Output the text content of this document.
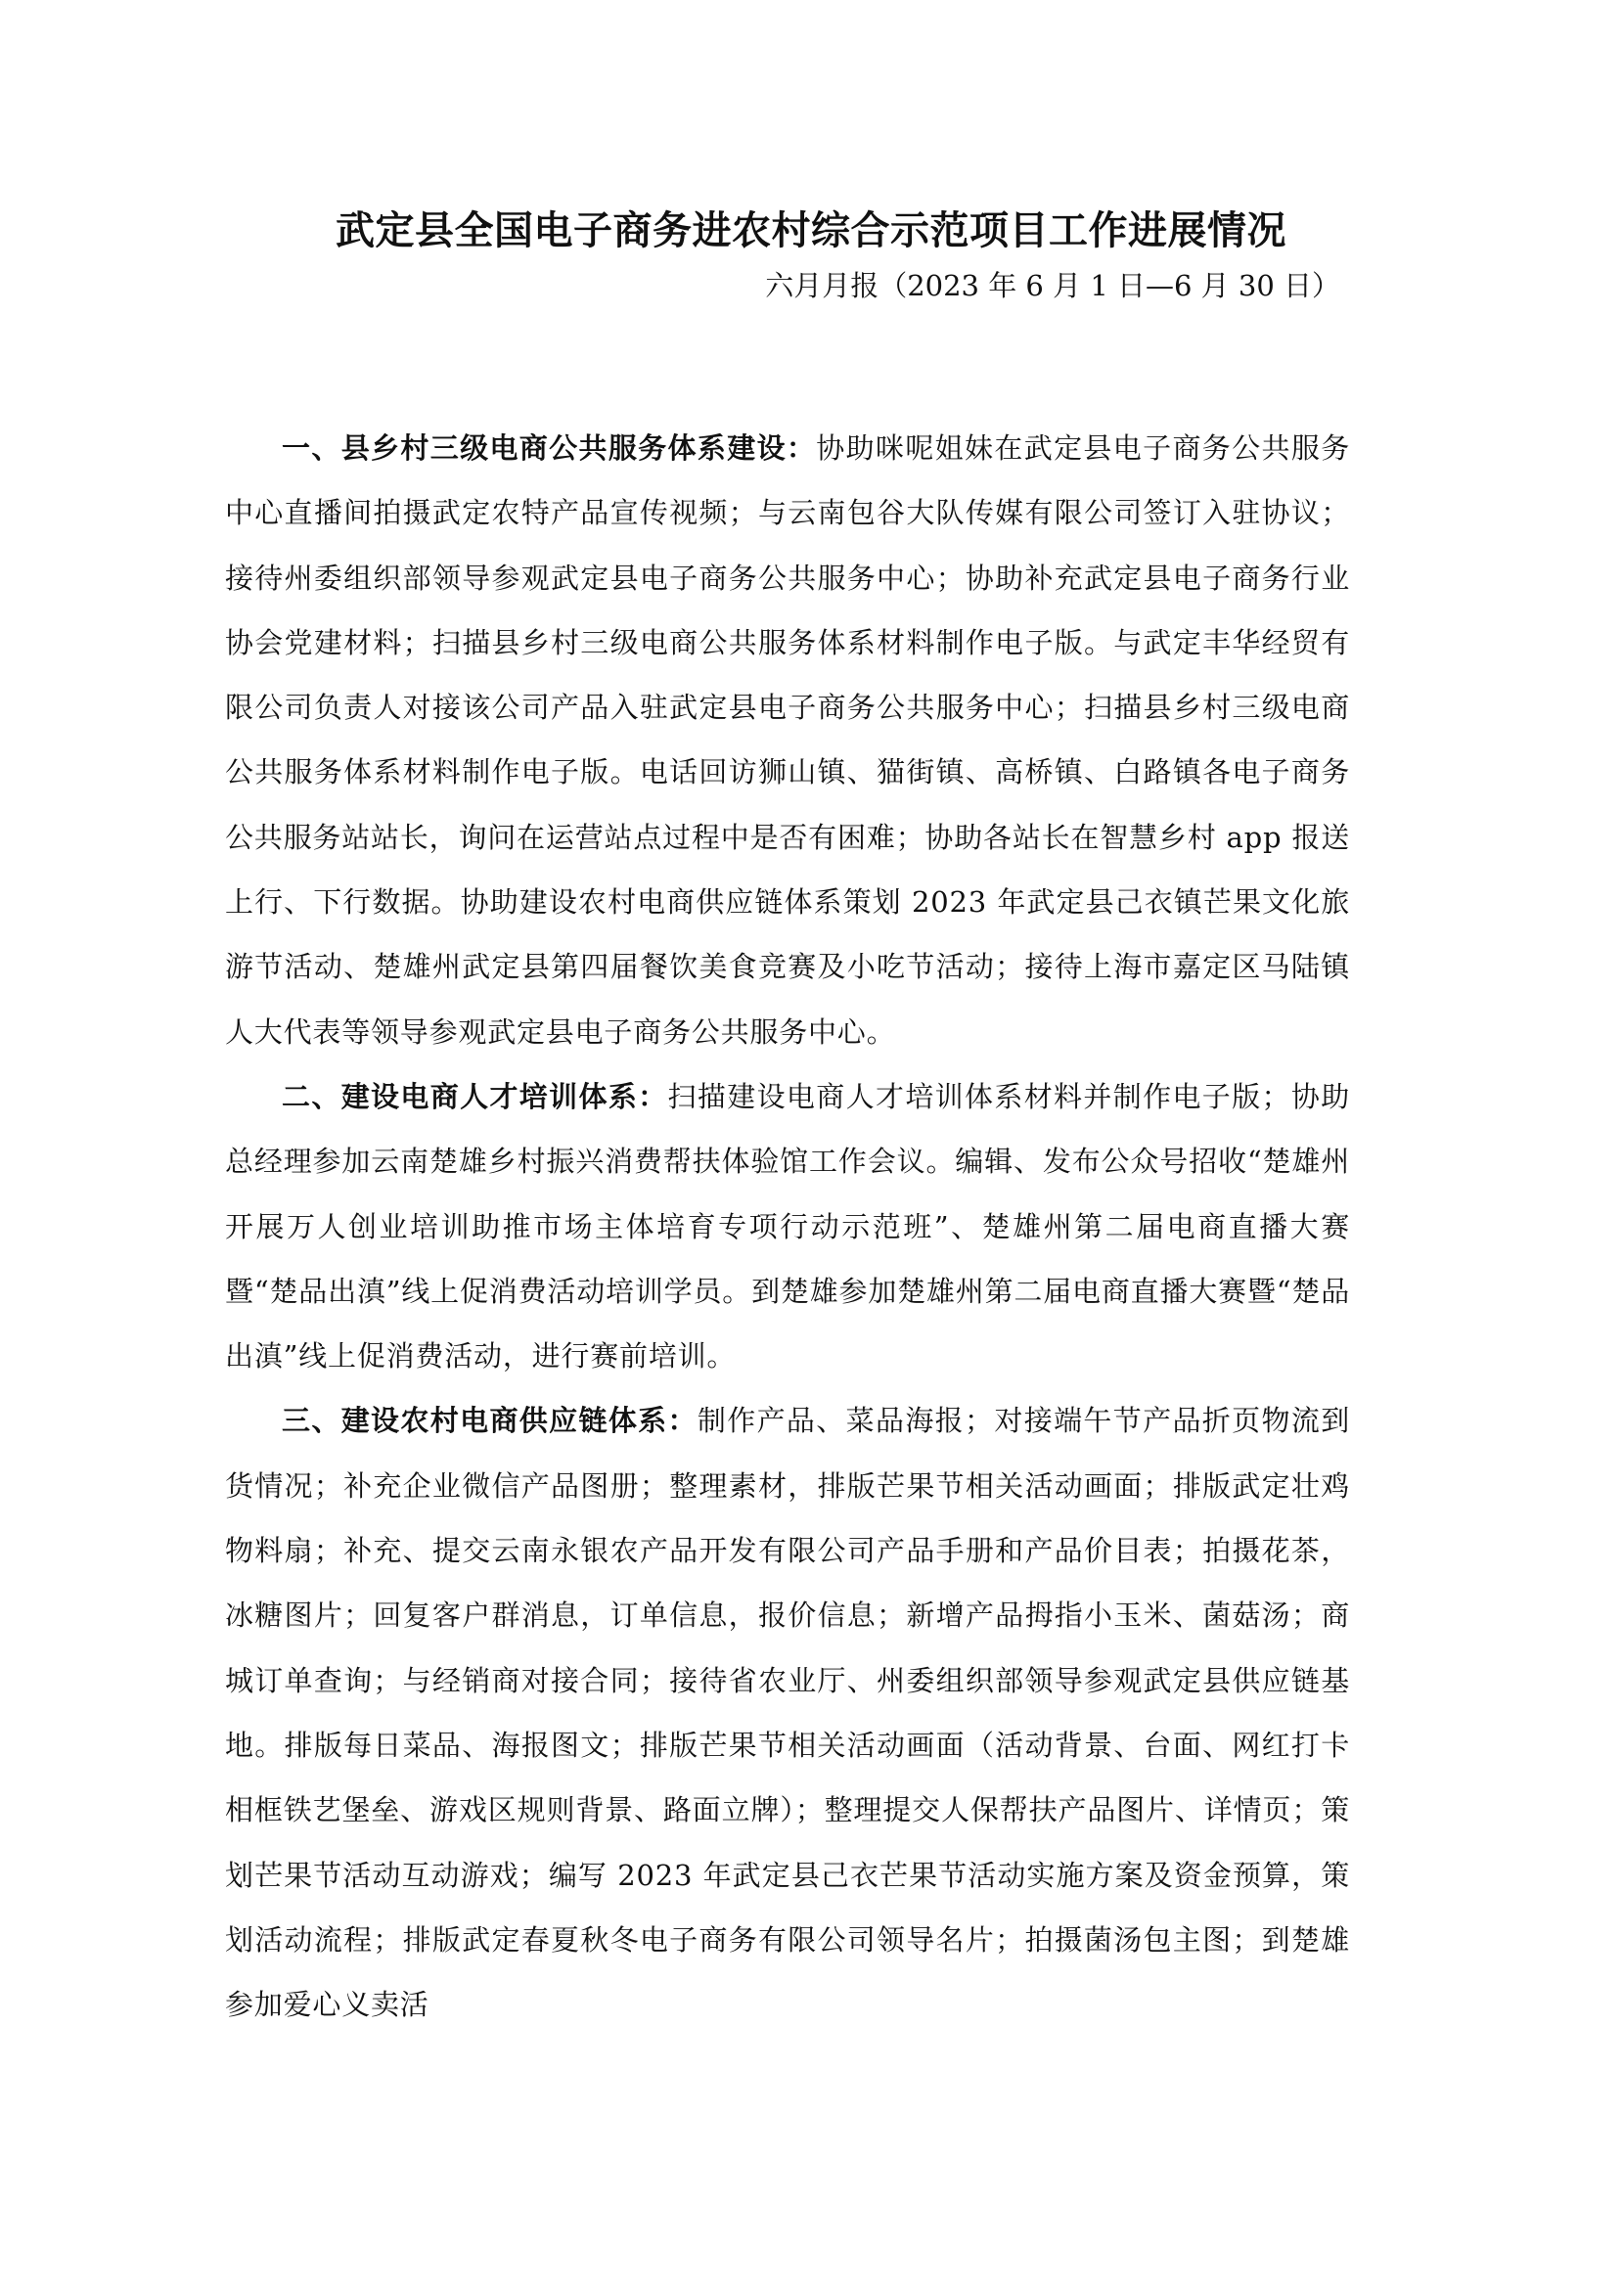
武定县全国电子商务进农村综合示范项目工作进展情况

六月月报（2023 年 6 月 1 日—6 月 30 日）

一、县乡村三级电商公共服务体系建设：协助咪呢姐妹在武定县电子商务公共服务中心直播间拍摄武定农特产品宣传视频；与云南包谷大队传媒有限公司签订入驻协议；接待州委组织部领导参观武定县电子商务公共服务中心；协助补充武定县电子商务行业协会党建材料；扫描县乡村三级电商公共服务体系材料制作电子版。与武定丰华经贸有限公司负责人对接该公司产品入驻武定县电子商务公共服务中心；扫描县乡村三级电商公共服务体系材料制作电子版。电话回访狮山镇、猫街镇、高桥镇、白路镇各电子商务公共服务站站长，询问在运营站点过程中是否有困难；协助各站长在智慧乡村 app 报送上行、下行数据。协助建设农村电商供应链体系策划 2023 年武定县己衣镇芒果文化旅游节活动、楚雄州武定县第四届餐饮美食竞赛及小吃节活动；接待上海市嘉定区马陆镇人大代表等领导参观武定县电子商务公共服务中心。

二、建设电商人才培训体系：扫描建设电商人才培训体系材料并制作电子版；协助总经理参加云南楚雄乡村振兴消费帮扶体验馆工作会议。编辑、发布公众号招收“楚雄州开展万人创业培训助推市场主体培育专项行动示范班”、楚雄州第二届电商直播大赛暨“楚品出滇”线上促消费活动培训学员。到楚雄参加楚雄州第二届电商直播大赛暨“楚品出滇”线上促消费活动，进行赛前培训。

三、建设农村电商供应链体系：制作产品、菜品海报；对接端午节产品折页物流到货情况；补充企业微信产品图册；整理素材，排版芒果节相关活动画面；排版武定壮鸡物料扇；补充、提交云南永银农产品开发有限公司产品手册和产品价目表；拍摄花茶，冰糖图片；回复客户群消息，订单信息，报价信息；新增产品拇指小玉米、菌菇汤；商城订单查询；与经销商对接合同；接待省农业厅、州委组织部领导参观武定县供应链基地。排版每日菜品、海报图文；排版芒果节相关活动画面（活动背景、台面、网红打卡相框铁艺堡垒、游戏区规则背景、路面立牌）；整理提交人保帮扶产品图片、详情页；策划芒果节活动互动游戏；编写 2023 年武定县己衣芒果节活动实施方案及资金预算，策划活动流程；排版武定春夏秋冬电子商务有限公司领导名片；拍摄菌汤包主图；到楚雄参加爱心义卖活
